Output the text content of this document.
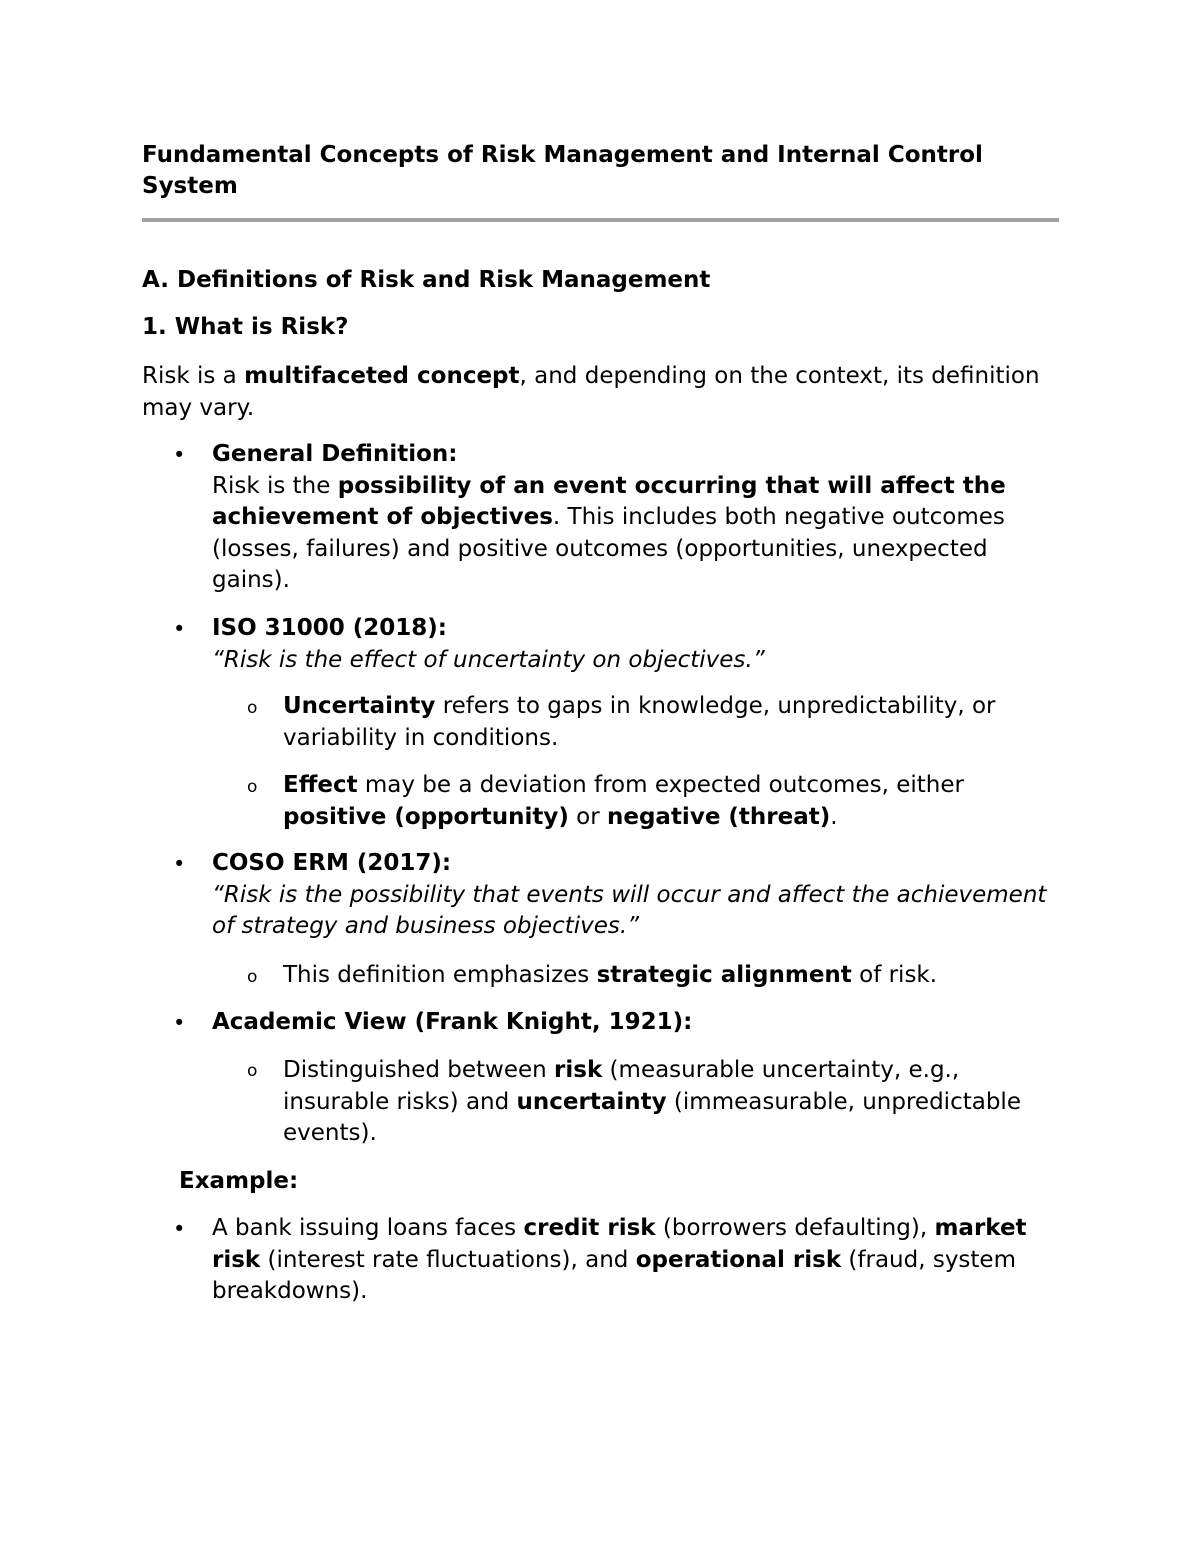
Fundamental Concepts of Risk Management and Internal Control System
A. Definitions of Risk and Risk Management
1. What is Risk?

Risk is a multifaceted concept, and depending on the context, its definition may vary.

• General Definition:
Risk is the possibility of an event occurring that will affect the achievement of objectives. This includes both negative outcomes (losses, failures) and positive outcomes (opportunities, unexpected gains).
• ISO 31000 (2018):
“Risk is the effect of uncertainty on objectives.”
o Uncertainty refers to gaps in knowledge, unpredictability, or variability in conditions.
o Effect may be a deviation from expected outcomes, either positive (opportunity) or negative (threat).
• COSO ERM (2017):
“Risk is the possibility that events will occur and affect the achievement of strategy and business objectives.”
o This definition emphasizes strategic alignment of risk.
• Academic View (Frank Knight, 1921):
o Distinguished between risk (measurable uncertainty, e.g., insurable risks) and uncertainty (immeasurable, unpredictable events).
Example:
• A bank issuing loans faces credit risk (borrowers defaulting), market risk (interest rate fluctuations), and operational risk (fraud, system breakdowns).
